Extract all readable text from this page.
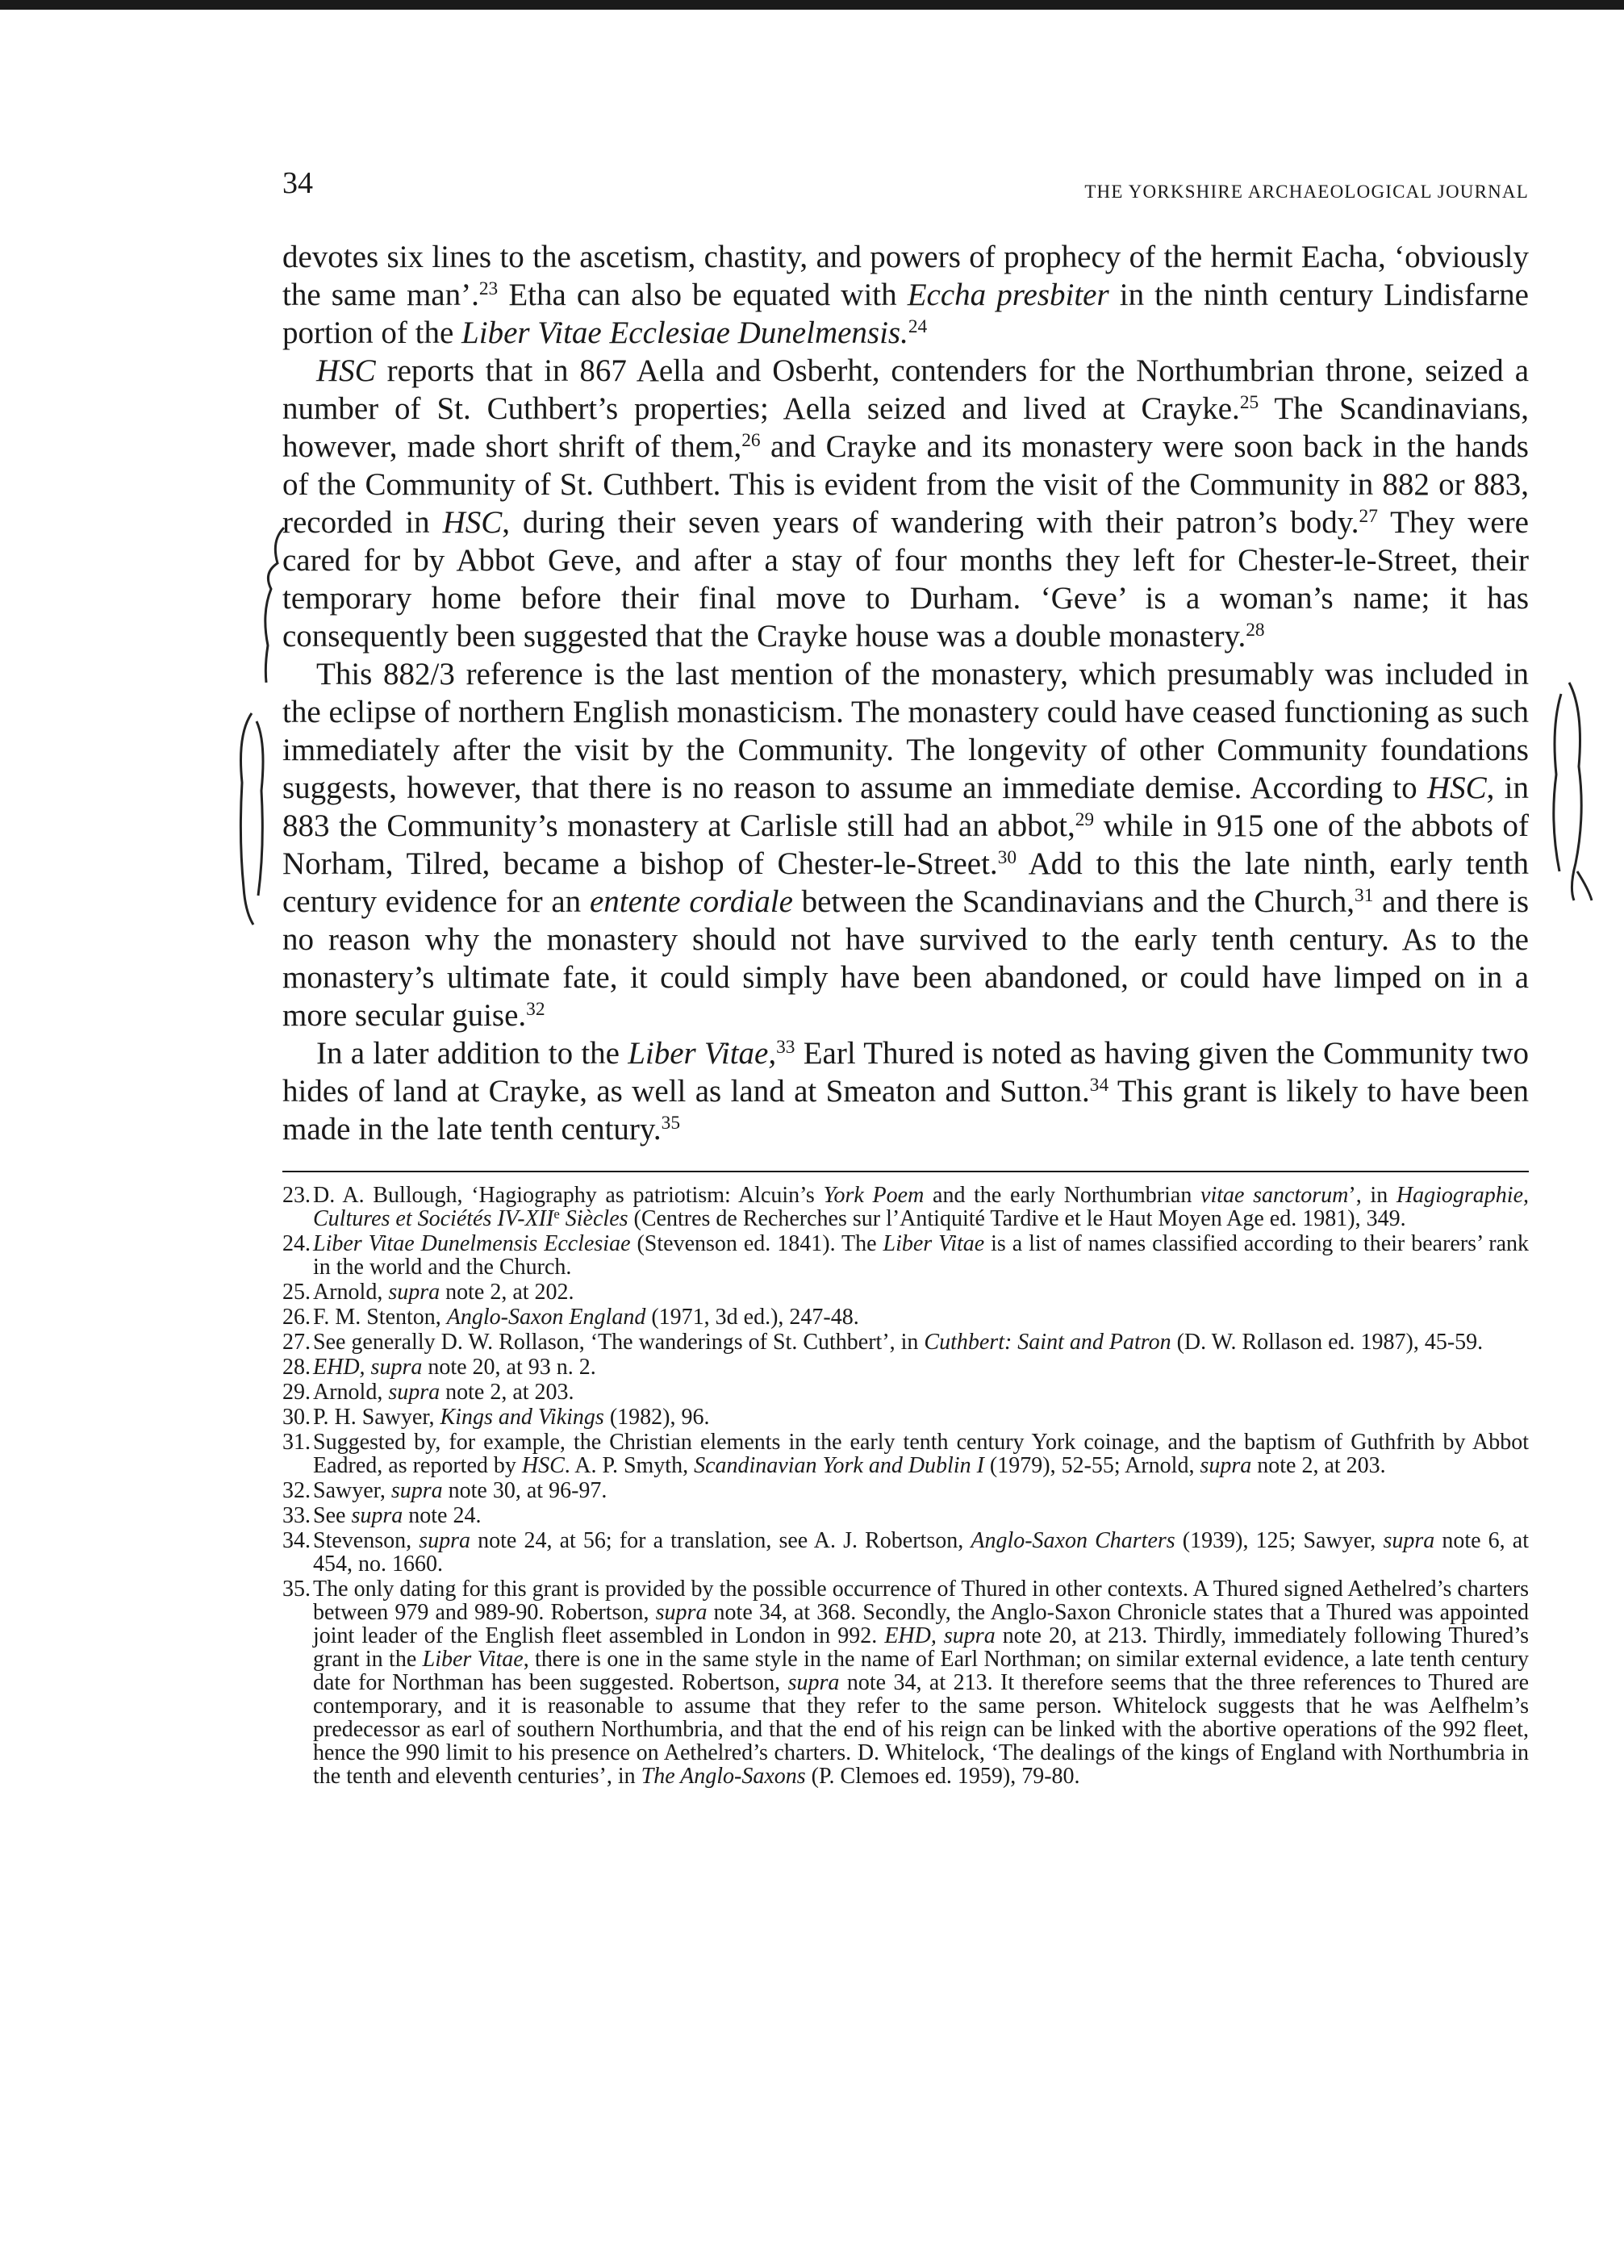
34	THE YORKSHIRE ARCHAEOLOGICAL JOURNAL

devotes six lines to the ascetism, chastity, and powers of prophecy of the hermit Eacha, ‘obviously the same man’.$^{23}$ Etha can also be equated with Eccha presbiter in the ninth century Lindisfarne portion of the Liber Vitae Ecclesiae Dunelmensis.$^{24}$

HSC reports that in 867 Aella and Osberht, contenders for the Northumbrian throne, seized a number of St. Cuthbert’s properties; Aella seized and lived at Crayke.$^{25}$ The Scandinavians, however, made short shrift of them,$^{26}$ and Crayke and its monastery were soon back in the hands of the Community of St. Cuthbert. This is evident from the visit of the Community in 882 or 883, recorded in HSC, during their seven years of wandering with their patron’s body.$^{27}$ They were cared for by Abbot Geve, and after a stay of four months they left for Chester-le-Street, their temporary home before their final move to Durham. ‘Geve’ is a woman’s name; it has consequently been suggested that the Crayke house was a double monastery.$^{28}$

This 882/3 reference is the last mention of the monastery, which presumably was included in the eclipse of northern English monasticism. The monastery could have ceased functioning as such immediately after the visit by the Community. The longevity of other Community foundations suggests, however, that there is no reason to assume an immediate demise. According to HSC, in 883 the Community’s monastery at Carlisle still had an abbot,$^{29}$ while in 915 one of the abbots of Norham, Tilred, became a bishop of Chester-le-Street.$^{30}$ Add to this the late ninth, early tenth century evidence for an entente cordiale between the Scandinavians and the Church,$^{31}$ and there is no reason why the monastery should not have survived to the early tenth century. As to the monastery’s ultimate fate, it could simply have been abandoned, or could have limped on in a more secular guise.$^{32}$

In a later addition to the Liber Vitae,$^{33}$ Earl Thured is noted as having given the Community two hides of land at Crayke, as well as land at Smeaton and Sutton.$^{34}$ This grant is likely to have been made in the late tenth century.$^{35}$

23. D. A. Bullough, ‘Hagiography as patriotism: Alcuin’s York Poem and the early Northumbrian vitae sanctorum’, in Hagiographie, Cultures et Sociétés IV-XIIe Siècles (Centres de Recherches sur l’Antiquité Tardive et le Haut Moyen Age ed. 1981), 349.
24. Liber Vitae Dunelmensis Ecclesiae (Stevenson ed. 1841). The Liber Vitae is a list of names classified according to their bearers’ rank in the world and the Church.
25. Arnold, supra note 2, at 202.
26. F. M. Stenton, Anglo-Saxon England (1971, 3d ed.), 247-48.
27. See generally D. W. Rollason, ‘The wanderings of St. Cuthbert’, in Cuthbert: Saint and Patron (D. W. Rollason ed. 1987), 45-59.
28. EHD, supra note 20, at 93 n. 2.
29. Arnold, supra note 2, at 203.
30. P. H. Sawyer, Kings and Vikings (1982), 96.
31. Suggested by, for example, the Christian elements in the early tenth century York coinage, and the baptism of Guthfrith by Abbot Eadred, as reported by HSC. A. P. Smyth, Scandinavian York and Dublin I (1979), 52-55; Arnold, supra note 2, at 203.
32. Sawyer, supra note 30, at 96-97.
33. See supra note 24.
34. Stevenson, supra note 24, at 56; for a translation, see A. J. Robertson, Anglo-Saxon Charters (1939), 125; Sawyer, supra note 6, at 454, no. 1660.
35. The only dating for this grant is provided by the possible occurrence of Thured in other contexts. A Thured signed Aethelred’s charters between 979 and 989-90. Robertson, supra note 34, at 368. Secondly, the Anglo-Saxon Chronicle states that a Thured was appointed joint leader of the English fleet assembled in London in 992. EHD, supra note 20, at 213. Thirdly, immediately following Thured’s grant in the Liber Vitae, there is one in the same style in the name of Earl Northman; on similar external evidence, a late tenth century date for Northman has been suggested. Robertson, supra note 34, at 213. It therefore seems that the three references to Thured are contemporary, and it is reasonable to assume that they refer to the same person. Whitelock suggests that he was Aelfhelm’s predecessor as earl of southern Northumbria, and that the end of his reign can be linked with the abortive operations of the 992 fleet, hence the 990 limit to his presence on Aethelred’s charters. D. Whitelock, ‘The dealings of the kings of England with Northumbria in the tenth and eleventh centuries’, in The Anglo-Saxons (P. Clemoes ed. 1959), 79-80.
